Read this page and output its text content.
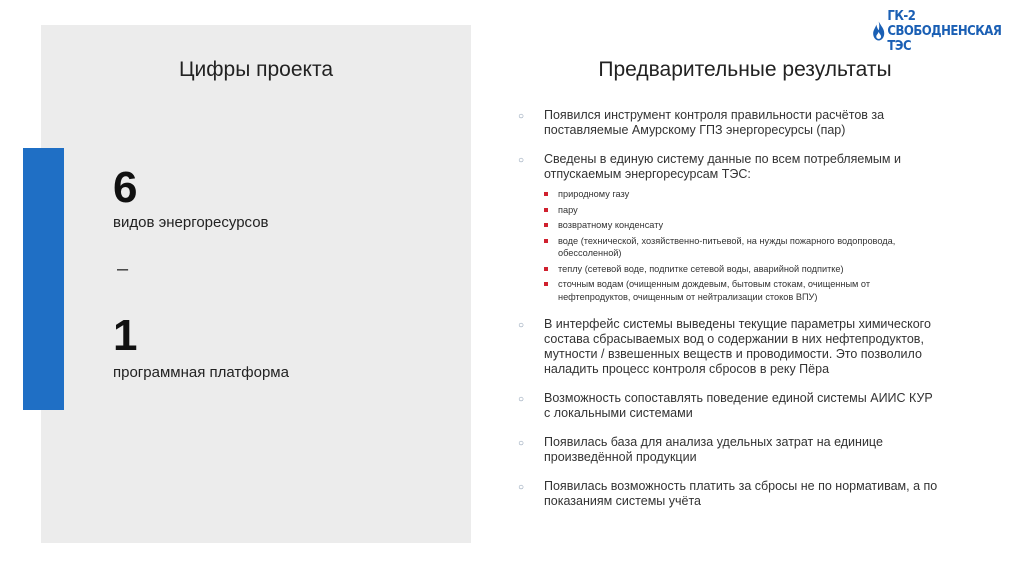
Цифры проекта
6
видов энергоресурсов
–
1
программная платформа
ГК-2 СВОБОДНЕНСКАЯ ТЭС
Предварительные результаты
○ Появился инструмент контроля правильности расчётов за поставляемые Амурскому ГПЗ энергоресурсы (пар)
○ Сведены в единую систему данные по всем потребляемым и отпускаемым энергоресурсам ТЭС:
природному газу
пару
возвратному конденсату
воде (технической, хозяйственно-питьевой, на нужды пожарного водопровода, обессоленной)
теплу (сетевой воде, подпитке сетевой воды, аварийной подпитке)
сточным водам (очищенным дождевым, бытовым стокам, очищенным от нефтепродуктов, очищенным от нейтрализации стоков ВПУ)
○ В интерфейс системы выведены текущие параметры химического состава сбрасываемых вод о содержании в них нефтепродуктов, мутности / взвешенных веществ и проводимости. Это позволило наладить процесс контроля сбросов в реку Пёра
○ Возможность сопоставлять поведение единой системы АИИС КУР с локальными системами
○ Появилась база для анализа удельных затрат на единице произведённой продукции
○ Появилась возможность платить за сбросы не по нормативам, а по показаниям системы учёта
